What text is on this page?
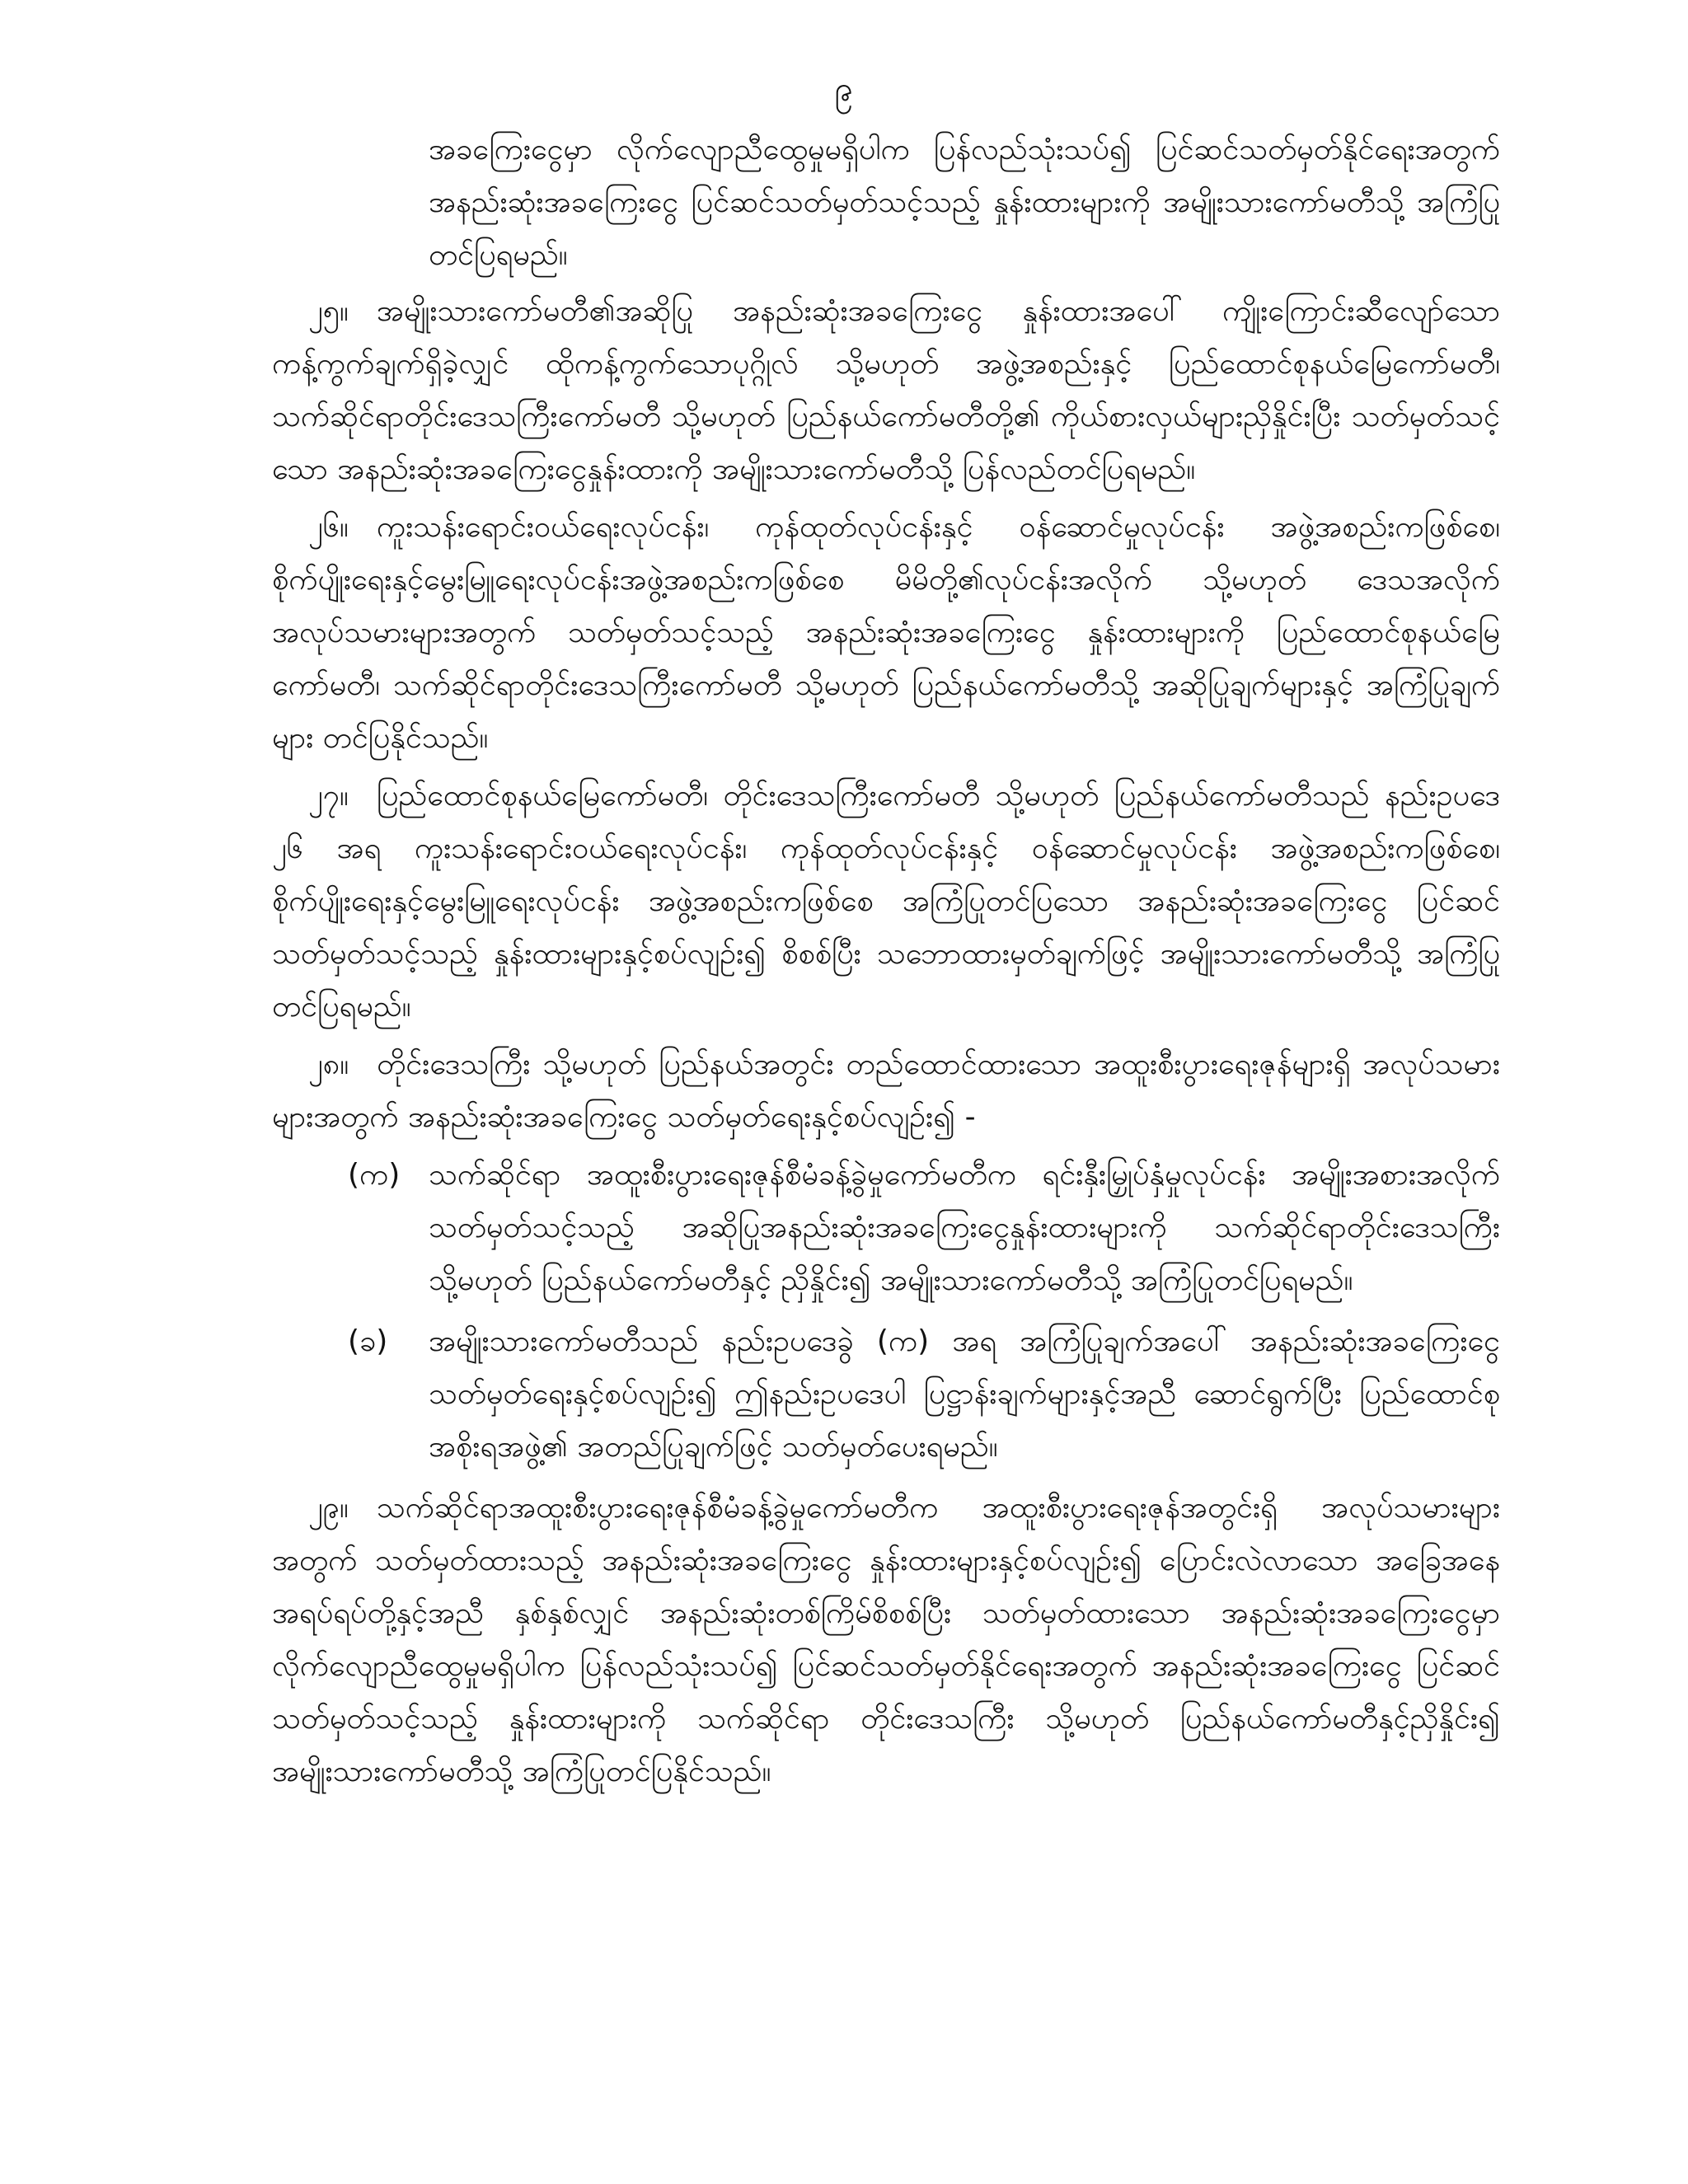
၉

အခကြေးငွေမှာ လိုက်လျောညီထွေမှုမရှိပါက ပြန်လည်သုံးသပ်၍ ပြင်ဆင်သတ်မှတ်နိုင်ရေးအတွက် အနည်းဆုံးအခကြေးငွေ ပြင်ဆင်သတ်မှတ်သင့်သည့် နှုန်းထားများကို အမျိုးသားကော်မတီသို့ အကြံပြုတင်ပြရမည်။

၂၅။ အမျိုးသားကော်မတီ၏အဆိုပြု အနည်းဆုံးအခကြေးငွေ နှုန်းထားအပေါ် ကျိုးကြောင်းဆီလျော်သော ကန့်ကွက်ချက်ရှိခဲ့လျှင် ထိုကန့်ကွက်သောပုဂ္ဂိုလ် သို့မဟုတ် အဖွဲ့အစည်းနှင့် ပြည်ထောင်စုနယ်မြေကော်မတီ၊ သက်ဆိုင်ရာတိုင်းဒေသကြီးကော်မတီ သို့မဟုတ် ပြည်နယ်ကော်မတီတို့၏ ကိုယ်စားလှယ်များညှိနှိုင်းပြီး သတ်မှတ်သင့်သော အနည်းဆုံးအခကြေးငွေနှုန်းထားကို အမျိုးသားကော်မတီသို့ ပြန်လည်တင်ပြရမည်။

၂၆။ ကူးသန်းရောင်းဝယ်ရေးလုပ်ငန်း၊ ကုန်ထုတ်လုပ်ငန်းနှင့် ဝန်ဆောင်မှုလုပ်ငန်း အဖွဲ့အစည်းကဖြစ်စေ၊ စိုက်ပျိုးရေးနှင့်မွေးမြူရေးလုပ်ငန်းအဖွဲ့အစည်းကဖြစ်စေ မိမိတို့၏လုပ်ငန်းအလိုက် သို့မဟုတ် ဒေသအလိုက် အလုပ်သမားများအတွက် သတ်မှတ်သင့်သည့် အနည်းဆုံးအခကြေးငွေ နှုန်းထားများကို ပြည်ထောင်စုနယ်မြေကော်မတီ၊ သက်ဆိုင်ရာတိုင်းဒေသကြီးကော်မတီ သို့မဟုတ် ပြည်နယ်ကော်မတီသို့ အဆိုပြုချက်များနှင့် အကြံပြုချက်များ တင်ပြနိုင်သည်။

၂၇။ ပြည်ထောင်စုနယ်မြေကော်မတီ၊ တိုင်းဒေသကြီးကော်မတီ သို့မဟုတ် ပြည်နယ်ကော်မတီသည် နည်းဥပဒေ ၂၆ အရ ကူးသန်းရောင်းဝယ်ရေးလုပ်ငန်း၊ ကုန်ထုတ်လုပ်ငန်းနှင့် ဝန်ဆောင်မှုလုပ်ငန်း အဖွဲ့အစည်းကဖြစ်စေ၊ စိုက်ပျိုးရေးနှင့်မွေးမြူရေးလုပ်ငန်း အဖွဲ့အစည်းကဖြစ်စေ အကြံပြုတင်ပြသော အနည်းဆုံးအခကြေးငွေ ပြင်ဆင်သတ်မှတ်သင့်သည့် နှုန်းထားများနှင့်စပ်လျဉ်း၍ စိစစ်ပြီး သဘောထားမှတ်ချက်ဖြင့် အမျိုးသားကော်မတီသို့ အကြံပြုတင်ပြရမည်။

၂၈။ တိုင်းဒေသကြီး သို့မဟုတ် ပြည်နယ်အတွင်း တည်ထောင်ထားသော အထူးစီးပွားရေးဇုန်များရှိ အလုပ်သမားများအတွက် အနည်းဆုံးအခကြေးငွေ သတ်မှတ်ရေးနှင့်စပ်လျဉ်း၍ -

(က) သက်ဆိုင်ရာ အထူးစီးပွားရေးဇုန်စီမံခန့်ခွဲမှုကော်မတီက ရင်းနှီးမြှုပ်နှံမှုလုပ်ငန်း အမျိုးအစားအလိုက် သတ်မှတ်သင့်သည့် အဆိုပြုအနည်းဆုံးအခကြေးငွေနှုန်းထားများကို သက်ဆိုင်ရာတိုင်းဒေသကြီး သို့မဟုတ် ပြည်နယ်ကော်မတီနှင့် ညှိနှိုင်း၍ အမျိုးသားကော်မတီသို့ အကြံပြုတင်ပြရမည်။

(ခ)	အမျိုးသားကော်မတီသည် နည်းဥပဒေခွဲ (က) အရ အကြံပြုချက်အပေါ် အနည်းဆုံးအခကြေးငွေ သတ်မှတ်ရေးနှင့်စပ်လျဉ်း၍ ဤနည်းဥပဒေပါ ပြဋ္ဌာန်းချက်များနှင့်အညီ ဆောင်ရွက်ပြီး ပြည်ထောင်စုအစိုးရအဖွဲ့၏ အတည်ပြုချက်ဖြင့် သတ်မှတ်ပေးရမည်။

၂၉။ သက်ဆိုင်ရာအထူးစီးပွားရေးဇုန်စီမံခန့်ခွဲမှုကော်မတီက အထူးစီးပွားရေးဇုန်အတွင်းရှိ အလုပ်သမားများအတွက် သတ်မှတ်ထားသည့် အနည်းဆုံးအခကြေးငွေ နှုန်းထားများနှင့်စပ်လျဉ်း၍ ပြောင်းလဲလာသော အခြေအနေအရပ်ရပ်တို့နှင့်အညီ နှစ်နှစ်လျှင် အနည်းဆုံးတစ်ကြိမ်စိစစ်ပြီး သတ်မှတ်ထားသော အနည်းဆုံးအခကြေးငွေမှာ လိုက်လျောညီထွေမှုမရှိပါက ပြန်လည်သုံးသပ်၍ ပြင်ဆင်သတ်မှတ်နိုင်ရေးအတွက် အနည်းဆုံးအခကြေးငွေ ပြင်ဆင်သတ်မှတ်သင့်သည့် နှုန်းထားများကို သက်ဆိုင်ရာ တိုင်းဒေသကြီး သို့မဟုတ် ပြည်နယ်ကော်မတီနှင့်ညှိနှိုင်း၍ အမျိုးသားကော်မတီသို့ အကြံပြုတင်ပြနိုင်သည်။
